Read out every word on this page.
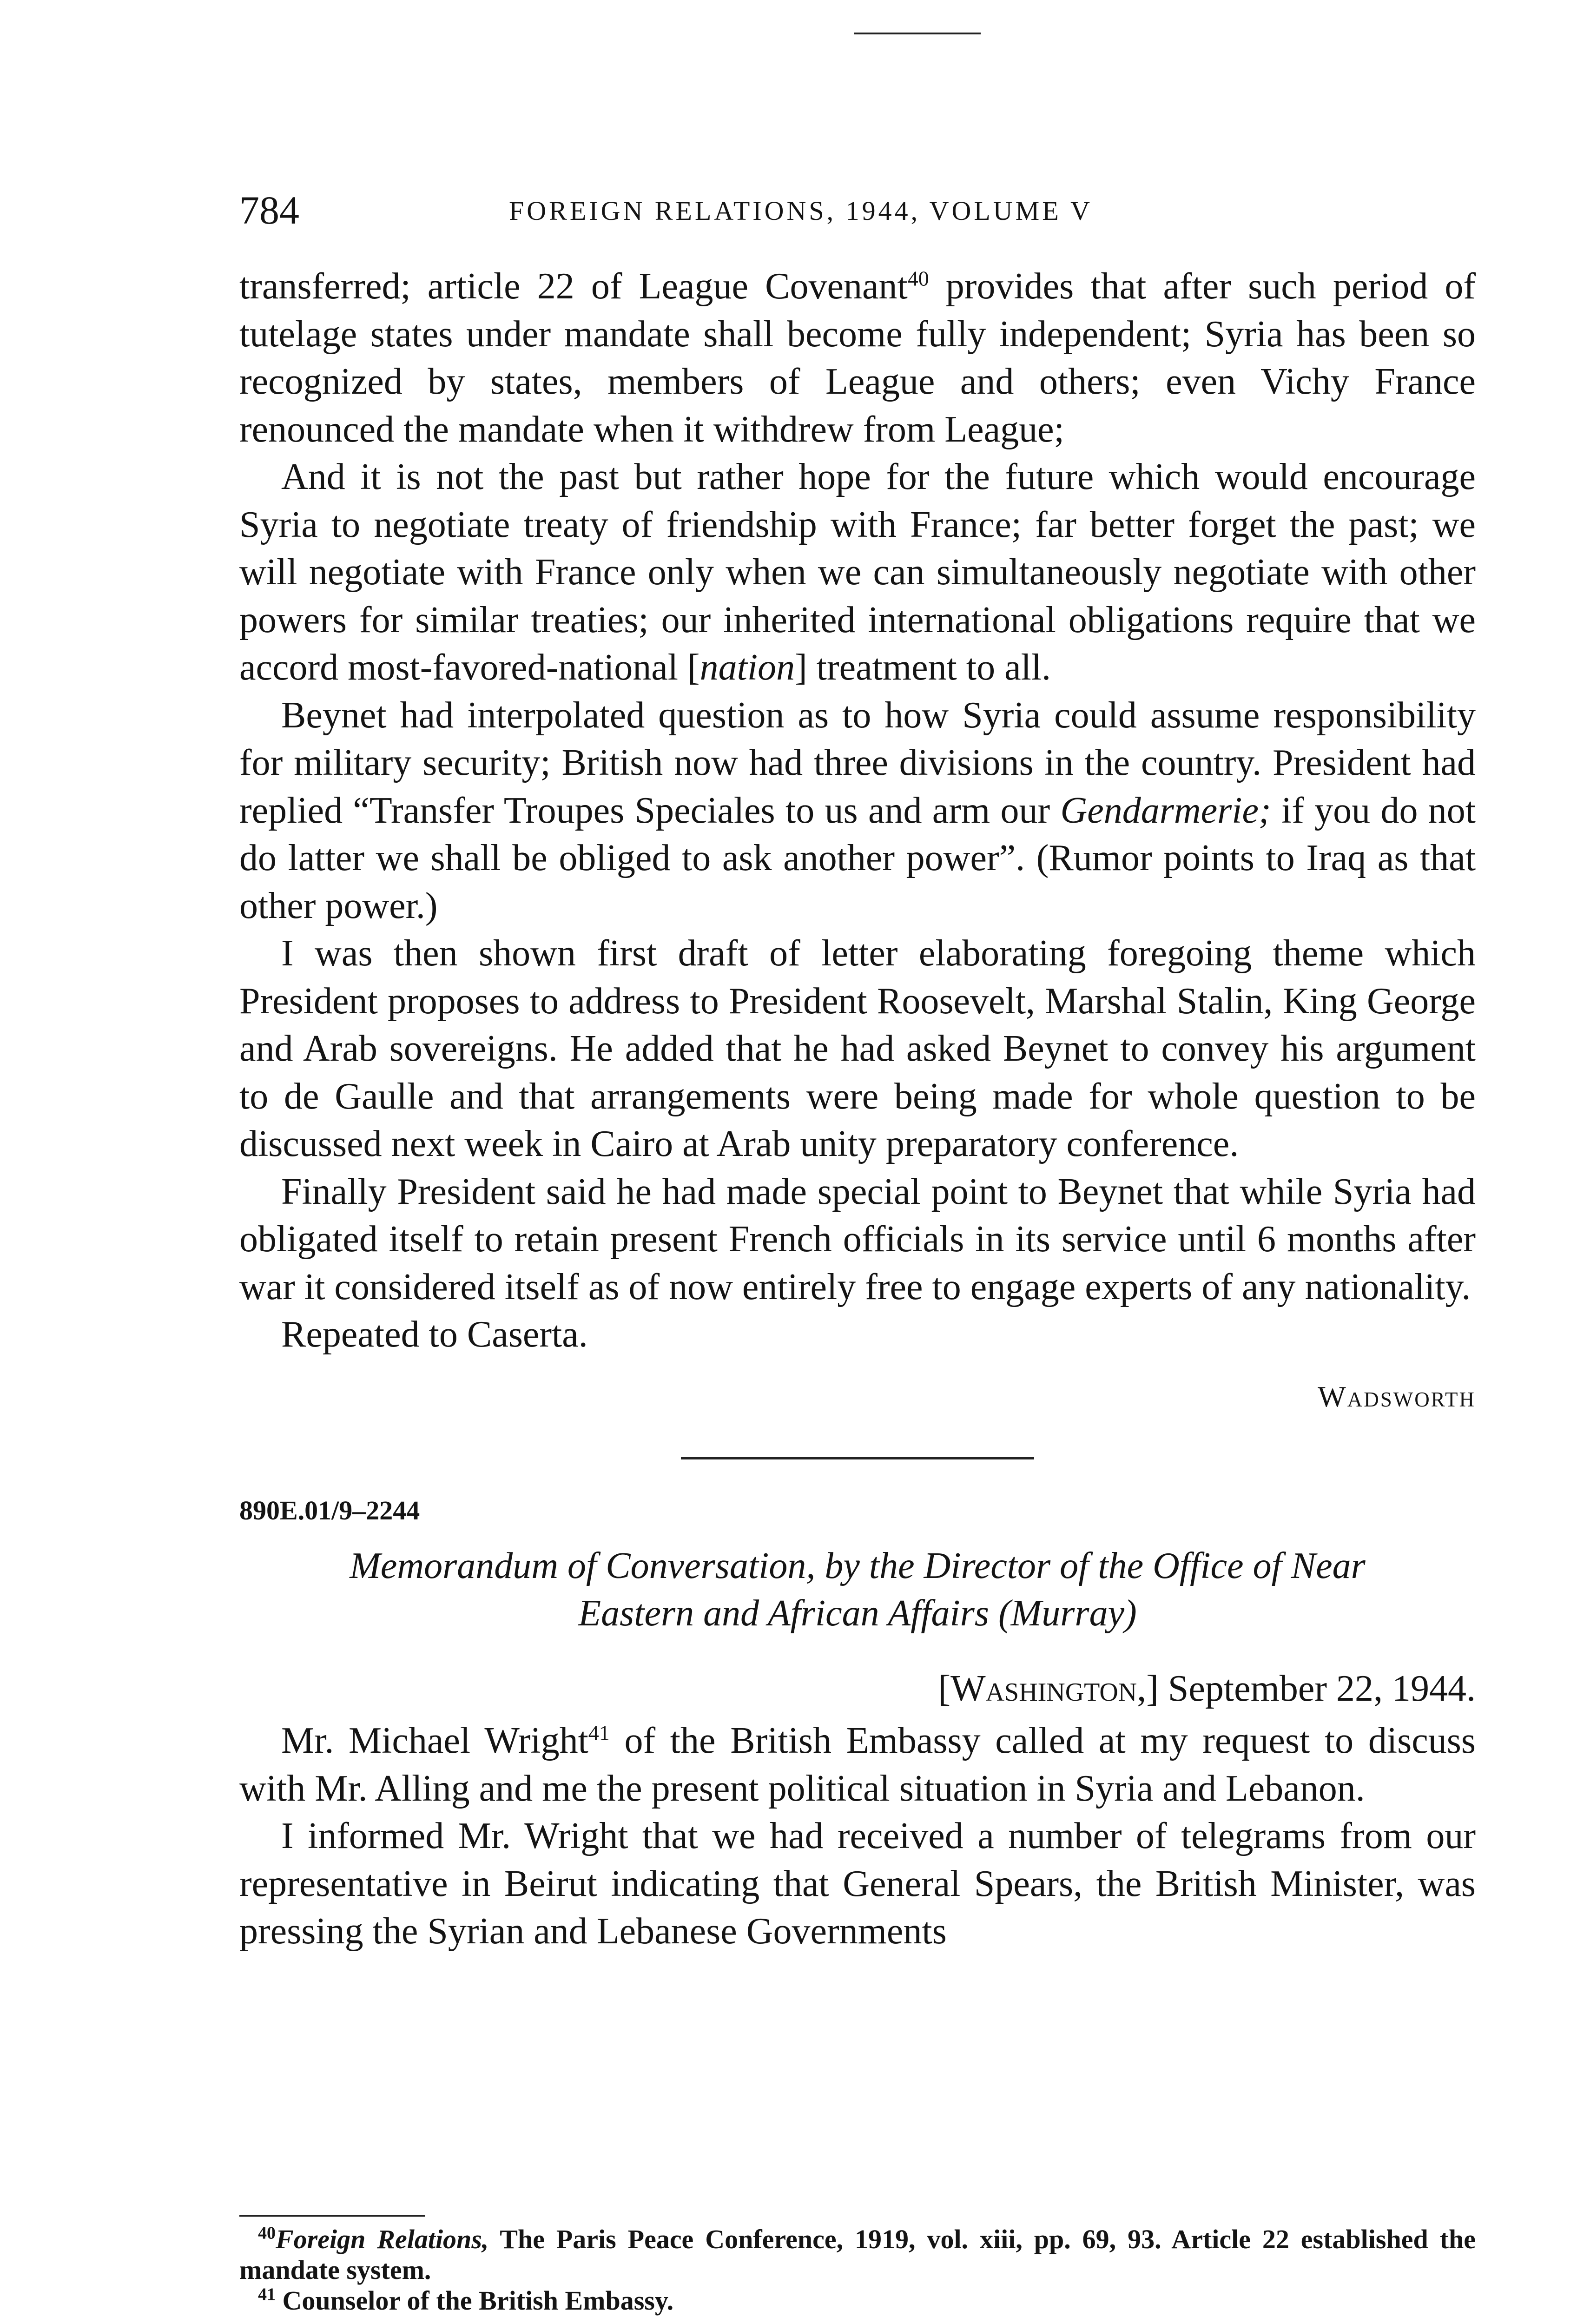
784	FOREIGN RELATIONS, 1944, VOLUME V

transferred; article 22 of League Covenant$^{40}$ provides that after such period of tutelage states under mandate shall become fully independent; Syria has been so recognized by states, members of League and others; even Vichy France renounced the mandate when it withdrew from League;

And it is not the past but rather hope for the future which would encourage Syria to negotiate treaty of friendship with France; far better forget the past; we will negotiate with France only when we can simultaneously negotiate with other powers for similar treaties; our inherited international obligations require that we accord most-favored-national [nation] treatment to all.

Beynet had interpolated question as to how Syria could assume responsibility for military security; British now had three divisions in the country. President had replied “Transfer Troupes Speciales to us and arm our Gendarmerie; if you do not do latter we shall be obliged to ask another power”. (Rumor points to Iraq as that other power.)

I was then shown first draft of letter elaborating foregoing theme which President proposes to address to President Roosevelt, Marshal Stalin, King George and Arab sovereigns. He added that he had asked Beynet to convey his argument to de Gaulle and that arrangements were being made for whole question to be discussed next week in Cairo at Arab unity preparatory conference.

Finally President said he had made special point to Beynet that while Syria had obligated itself to retain present French officials in its service until 6 months after war it considered itself as of now entirely free to engage experts of any nationality.

Repeated to Caserta.

Wadsworth

890E.01/9–2244

Memorandum of Conversation, by the Director of the Office of Near
Eastern and African Affairs (Murray)

[Washington,] September 22, 1944.

Mr. Michael Wright$^{41}$ of the British Embassy called at my request to discuss with Mr. Alling and me the present political situation in Syria and Lebanon.

I informed Mr. Wright that we had received a number of telegrams from our representative in Beirut indicating that General Spears, the British Minister, was pressing the Syrian and Lebanese Governments

$^{40}$Foreign Relations, The Paris Peace Conference, 1919, vol. xiii, pp. 69, 93. Article 22 established the mandate system.

$^{41}$ Counselor of the British Embassy.
